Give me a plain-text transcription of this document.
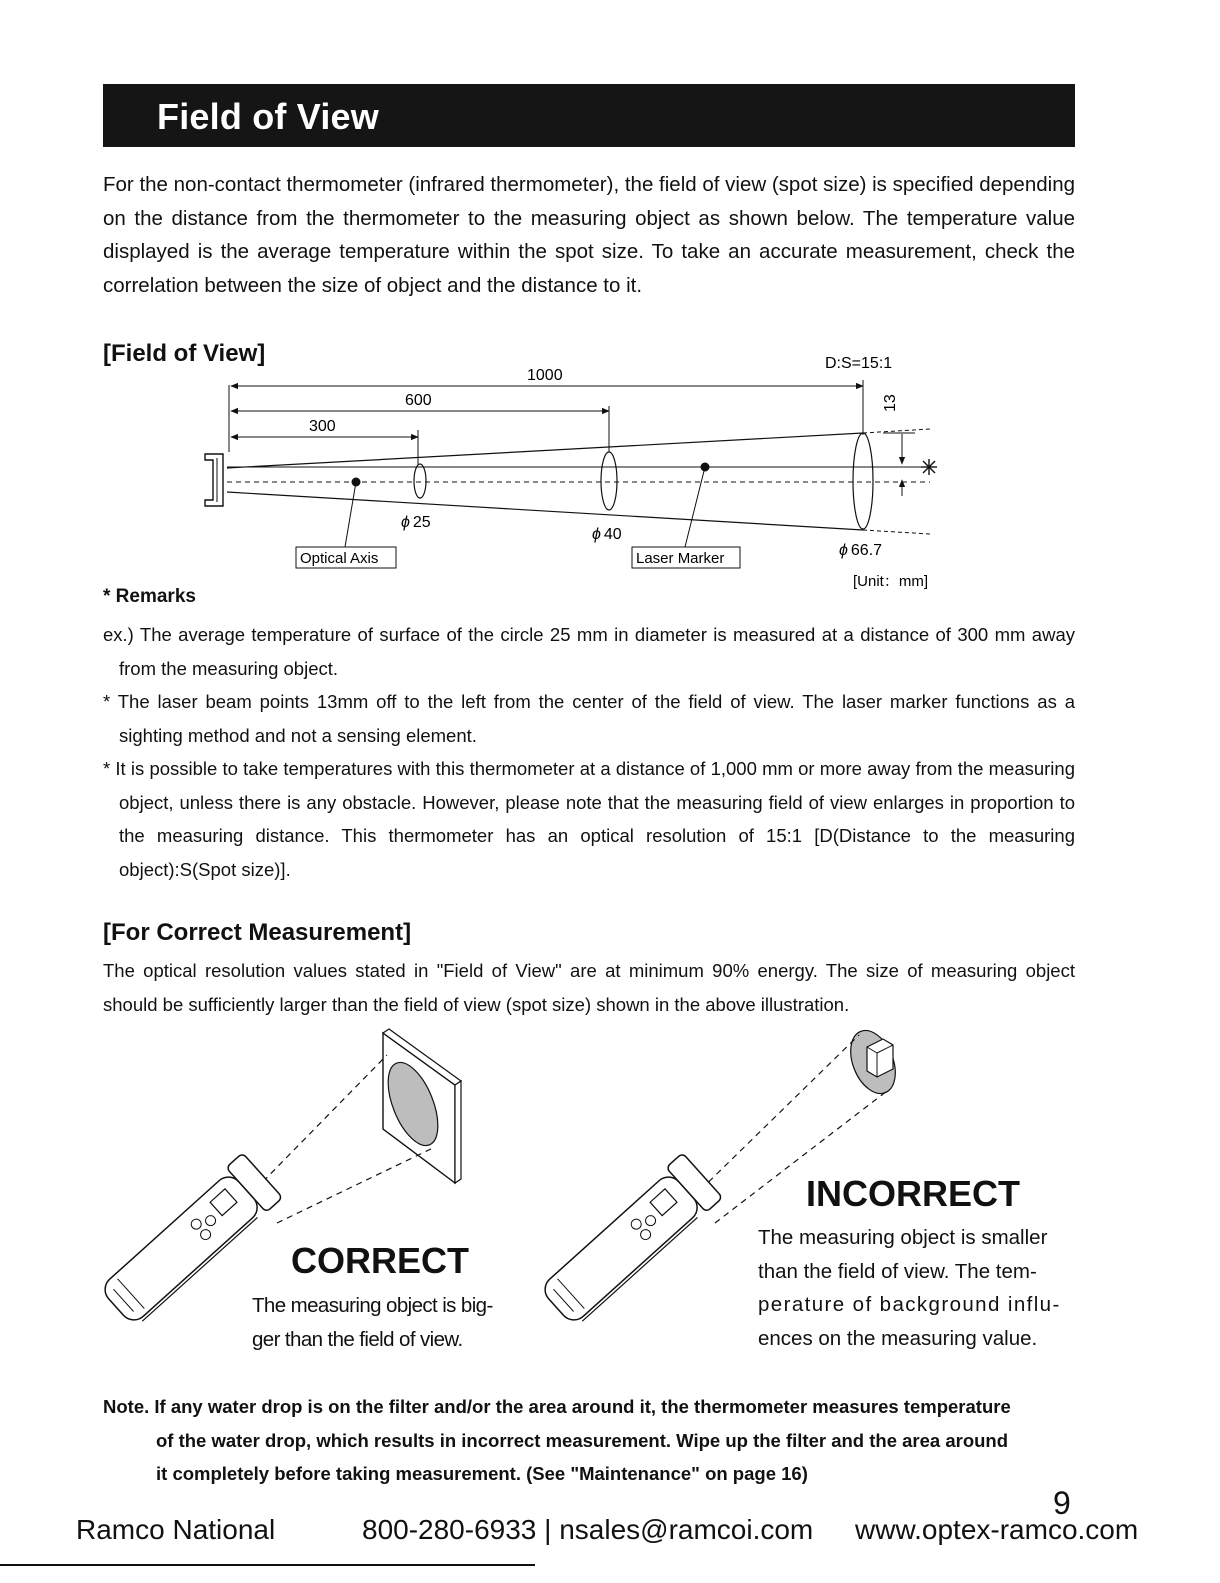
Field of View
For the non-contact thermometer (infrared thermometer), the field of view (spot size) is specified depending on the distance from the thermometer to the measuring object as shown below. The temperature value displayed is the average temperature within the spot size. To take an accurate measurement, check the correlation between the size of object and the distance to it.
[Field of View]	D:S=15:1
1000
600
300
13
ϕ 25
ϕ 40
ϕ 66.7
Optical Axis	Laser Marker
[Unit：mm]
* Remarks
ex.) The average temperature of surface of the circle 25 mm in diameter is measured at a distance of 300 mm away from the measuring object.
* The laser beam points 13mm off to the left from the center of the field of view. The laser marker functions as a sighting method and not a sensing element.
* It is possible to take temperatures with this thermometer at a distance of 1,000 mm or more away from the measuring object, unless there is any obstacle. However, please note that the measuring field of view enlarges in proportion to the measuring distance. This thermometer has an optical resolution of 15:1 [D(Distance to the measuring object):S(Spot size)].
[For Correct Measurement]
The optical resolution values stated in "Field of View" are at minimum 90% energy. The size of measuring object should be sufficiently larger than the field of view (spot size) shown in the above illustration.
CORRECT
The measuring object is big-
ger than the field of view.
INCORRECT
The measuring object is smaller
than the field of view. The tem-
perature of background influ-
ences on the measuring value.
Note. If any water drop is on the filter and/or the area around it, the thermometer measures temperature
of the water drop, which results in incorrect measurement. Wipe up the filter and the area around
it completely before taking measurement. (See "Maintenance" on page 16)
9
Ramco National	800-280-6933 | nsales@ramcoi.com www.optex-ramco.com
